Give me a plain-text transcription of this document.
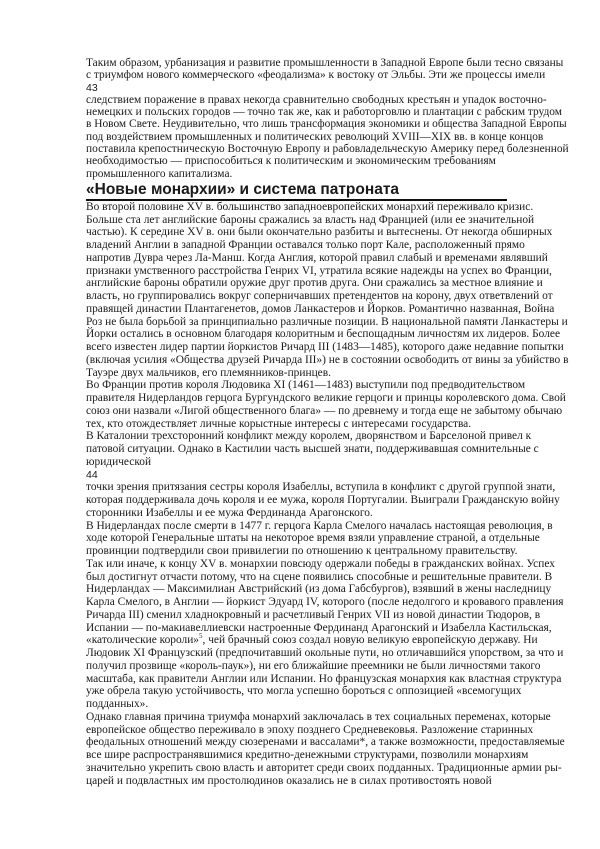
Таким образом, урбанизация и развитие промышленности в Западной Европе были тесно связаны
с триумфом нового коммерческого «феодализма» к востоку от Эльбы. Эти же процессы имели
43
следствием поражение в правах некогда сравнительно свободных крестьян и упадок восточно-
немецких и польских городов — точно так же, как и работорговлю и плантации с рабским трудом
в Новом Свете. Неудивительно, что лишь трансформация экономики и общества Западной Европы
под воздействием промышленных и политических революций XVIII—XIX вв. в конце концов
поставила крепостническую Восточную Европу и рабовладельческую Америку перед болезненной
необходимостью — приспособиться к политическим и экономическим требованиям
промышленного капитализма.
«Новые монархии» и система патроната
Во второй половине XV в. большинство западноевропейских монархий переживало кризис.
Больше ста лет английские бароны сражались за власть над Францией (или ее значительной
частью). К середине XV в. они были окончательно разбиты и вытеснены. От некогда обширных
владений Англии в западной Франции оставался только порт Кале, расположенный прямо
напротив Дувра через Ла-Манш. Когда Англия, которой правил слабый и временами являвший
признаки умственного расстройства Генрих VI, утратила всякие надежды на успех во Франции,
английские бароны обратили оружие друг против друга. Они сражались за местное влияние и
власть, но группировались вокруг соперничавших претендентов на корону, двух ответвлений от
правящей династии Плантагенетов, домов Ланкастеров и Йорков. Романтично названная, Война
Роз не была борьбой за принципиально различные позиции. В национальной памяти Ланкастеры и
Йорки остались в основном благодаря колоритным и беспощадным личностям их лидеров. Более
всего известен лидер партии йоркистов Ричард III (1483—1485), которого даже недавние попытки
(включая усилия «Общества друзей Ричарда III») не в состоянии освободить от вины за убийство в
Тауэре двух мальчиков, его племянников-принцев.
Во Франции против короля Людовика XI (1461—1483) выступили под предводительством
правителя Нидерландов герцога Бургундского великие герцоги и принцы королевского дома. Свой
союз они назвали «Лигой общественного блага» — по древнему и тогда еще не забытому обычаю
тех, кто отождествляет личные корыстные интересы с интересами государства.
В Каталонии трехсторонний конфликт между королем, дворянством и Барселоной привел к
патовой ситуации. Однако в Кастилии часть высшей знати, поддерживавшая сомнительные с
юридической
44
точки зрения притязания сестры короля Изабеллы, вступила в конфликт с другой группой знати,
которая поддерживала дочь короля и ее мужа, короля Португалии. Выиграли Гражданскую войну
сторонники Изабеллы и ее мужа Фердинанда Арагонского.
В Нидерландах после смерти в 1477 г. герцога Карла Смелого началась настоящая революция, в
ходе которой Генеральные штаты на некоторое время взяли управление страной, а отдельные
провинции подтвердили свои привилегии по отношению к центральному правительству.
Так или иначе, к концу XV в. монархии повсюду одержали победы в гражданских войнах. Успех
был достигнут отчасти потому, что на сцене появились способные и решительные правители. В
Нидерландах — Максимилиан Австрийский (из дома Габсбургов), взявший в жены наследницу
Карла Смелого, в Англии — йоркист Эдуард IV, которого (после недолгого и кровавого правления
Ричарда III) сменил хладнокровный и расчетливый Генрих VII из новой династии Тюдоров, в
Испании — по-макиавеллиевски настроенные Фердинанд Арагонский и Изабелла Кастильская,
«католические короли»$^5$, чей брачный союз создал новую великую европейскую державу. Ни
Людовик XI Французский (предпочитавший окольные пути, но отличавшийся упорством, за что и
получил прозвище «король-паук»), ни его ближайшие преемники не были личностями такого
масштаба, как правители Англии или Испании. Но французская монархия как властная структура
уже обрела такую устойчивость, что могла успешно бороться с оппозицией «всемогущих
подданных».
Однако главная причина триумфа монархий заключалась в тех социальных переменах, которые
европейское общество переживало в эпоху позднего Средневековья. Разложение старинных
феодальных отношений между сюзеренами и вассалами*, а также возможности, предоставляемые
все шире распространявшимися кредитно-денежными структурами, позволили монархиям
значительно укрепить свою власть и авторитет среди своих подданных. Традиционные армии ры-
царей и подвластных им простолюдинов оказались не в силах противостоять новой
